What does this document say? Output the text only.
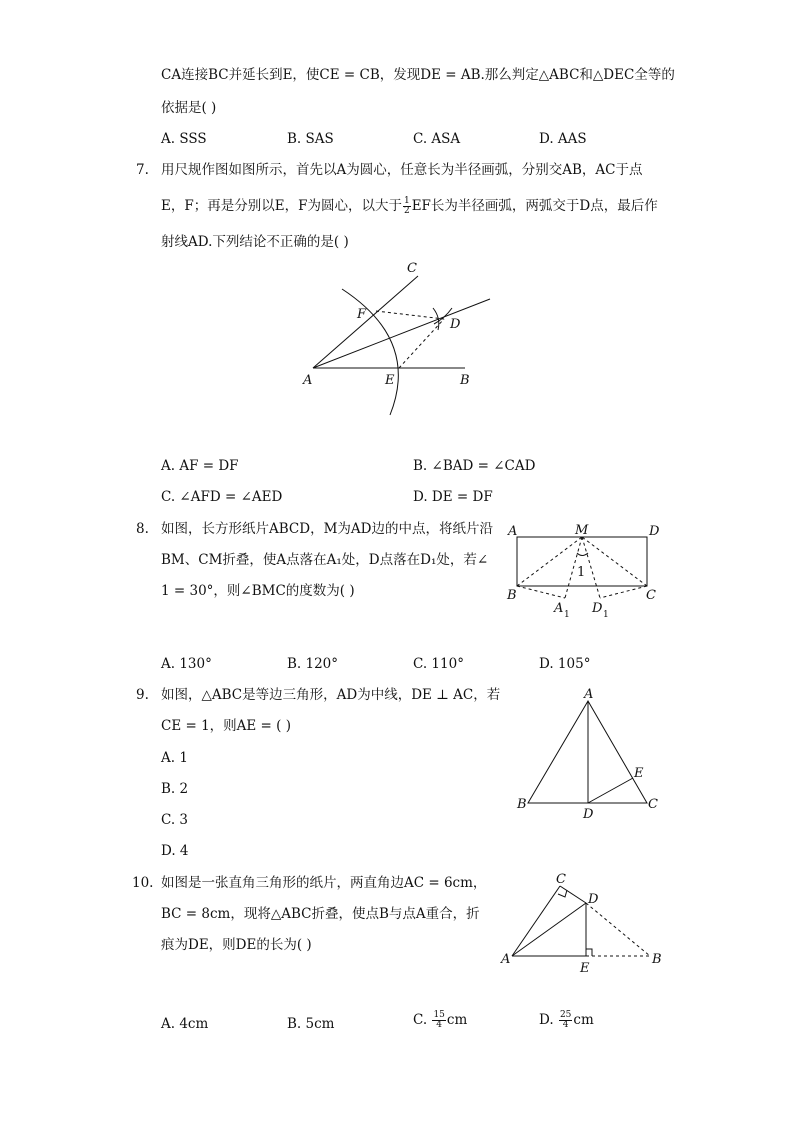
CA连接BC并延长到E，使CE = CB，发现DE = AB.那么判定△ABC和△DEC全等的
依据是( )
A. SSS	B. SAS	C. ASA	D. AAS
7. 用尺规作图如图所示，首先以A为圆心，任意长为半径画弧，分别交AB，AC于点
E，F；再是分别以E，F为圆心，以大于 $\frac{1}{2}$ EF长为半径画弧，两弧交于D点，最后作
射线AD.下列结论不正确的是( )
A	E	B
C
F
D
A. AF = DF	B. ∠BAD = ∠CAD
C. ∠AFD = ∠AED	D. DE = DF
8. 如图，长方形纸片ABCD，M为AD边的中点，将纸片沿
BM、CM折叠，使A点落在A₁处，D点落在D₁处，若∠
1 = 30°，则∠BMC的度数为( )
A	M	D
B	C
A 1 D 1
1
A. 130°	B. 120°	C. 110°	D. 105°
9. 如图，△ABC是等边三角形，AD为中线，DE ⊥ AC，若
CE = 1，则AE = ( )
A. 1
B. 2
C. 3
D. 4
A
B	C
D
E
10. 如图是一张直角三角形的纸片，两直角边AC = 6cm，
BC = 8cm，现将△ABC折叠，使点B与点A重合，折
痕为DE，则DE的长为( )
C
D
A
E
B
A. 4cm	B. 5cm	C. $\frac{15}{4}$ cm	D. $\frac{25}{4}$ cm
